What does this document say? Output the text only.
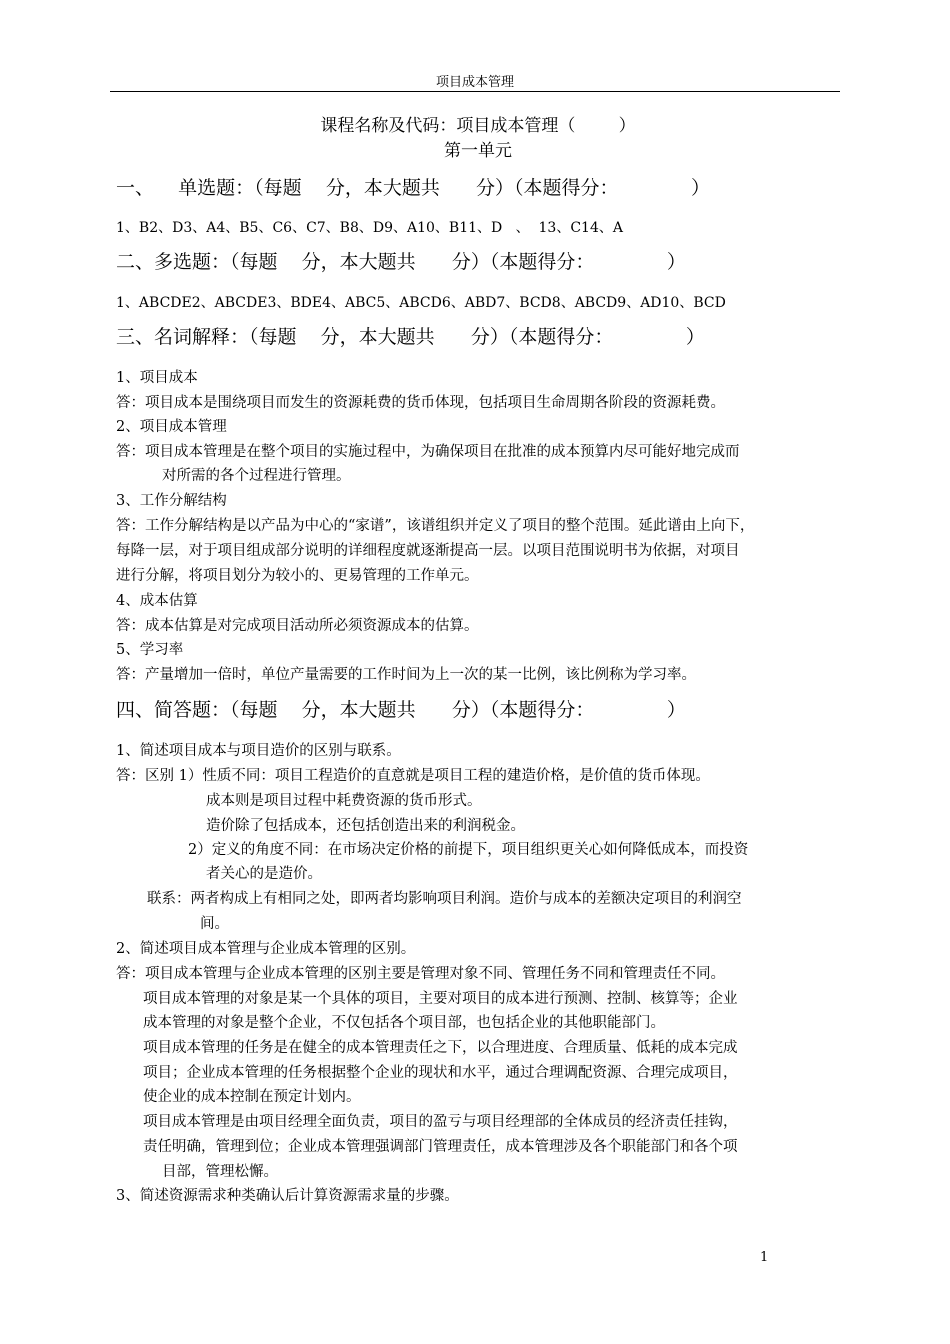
项目成本管理
课程名称及代码：项目成本管理（        ）
第一单元
一、    单选题：（每题    分，本大题共      分）（本题得分：            ）
1、B2、D3、A4、B5、C6、C7、B8、D9、A10、B11、D   、  13、C14、A
二、多选题：（每题    分，本大题共      分）（本题得分：            ）
1、ABCDE2、ABCDE3、BDE4、ABC5、ABCD6、ABD7、BCD8、ABCD9、AD10、BCD
三、名词解释：（每题    分，本大题共      分）（本题得分：            ）
1、项目成本
答：项目成本是围绕项目而发生的资源耗费的货币体现，包括项目生命周期各阶段的资源耗费。
2、项目成本管理
答：项目成本管理是在整个项目的实施过程中，为确保项目在批准的成本预算内尽可能好地完成而
对所需的各个过程进行管理。
3、工作分解结构
答：工作分解结构是以产品为中心的“家谱”，该谱组织并定义了项目的整个范围。延此谱由上向下，
每降一层，对于项目组成部分说明的详细程度就逐渐提高一层。以项目范围说明书为依据，对项目
进行分解，将项目划分为较小的、更易管理的工作单元。
4、成本估算
答：成本估算是对完成项目活动所必须资源成本的估算。
5、学习率
答：产量增加一倍时，单位产量需要的工作时间为上一次的某一比例，该比例称为学习率。
四、简答题：（每题    分，本大题共      分）（本题得分：            ）
1、简述项目成本与项目造价的区别与联系。
答：区别 1）性质不同：项目工程造价的直意就是项目工程的建造价格，是价值的货币体现。
成本则是项目过程中耗费资源的货币形式。
造价除了包括成本，还包括创造出来的利润税金。
2）定义的角度不同：在市场决定价格的前提下，项目组织更关心如何降低成本，而投资
者关心的是造价。
联系：两者构成上有相同之处，即两者均影响项目利润。造价与成本的差额决定项目的利润空
间。
2、简述项目成本管理与企业成本管理的区别。
答：项目成本管理与企业成本管理的区别主要是管理对象不同、管理任务不同和管理责任不同。
项目成本管理的对象是某一个具体的项目，主要对项目的成本进行预测、控制、核算等；企业
成本管理的对象是整个企业，不仅包括各个项目部，也包括企业的其他职能部门。
项目成本管理的任务是在健全的成本管理责任之下，以合理进度、合理质量、低耗的成本完成
项目；企业成本管理的任务根据整个企业的现状和水平，通过合理调配资源、合理完成项目，
使企业的成本控制在预定计划内。
项目成本管理是由项目经理全面负责，项目的盈亏与项目经理部的全体成员的经济责任挂钩，
责任明确，管理到位；企业成本管理强调部门管理责任，成本管理涉及各个职能部门和各个项
目部，管理松懈。
3、简述资源需求种类确认后计算资源需求量的步骤。
1
